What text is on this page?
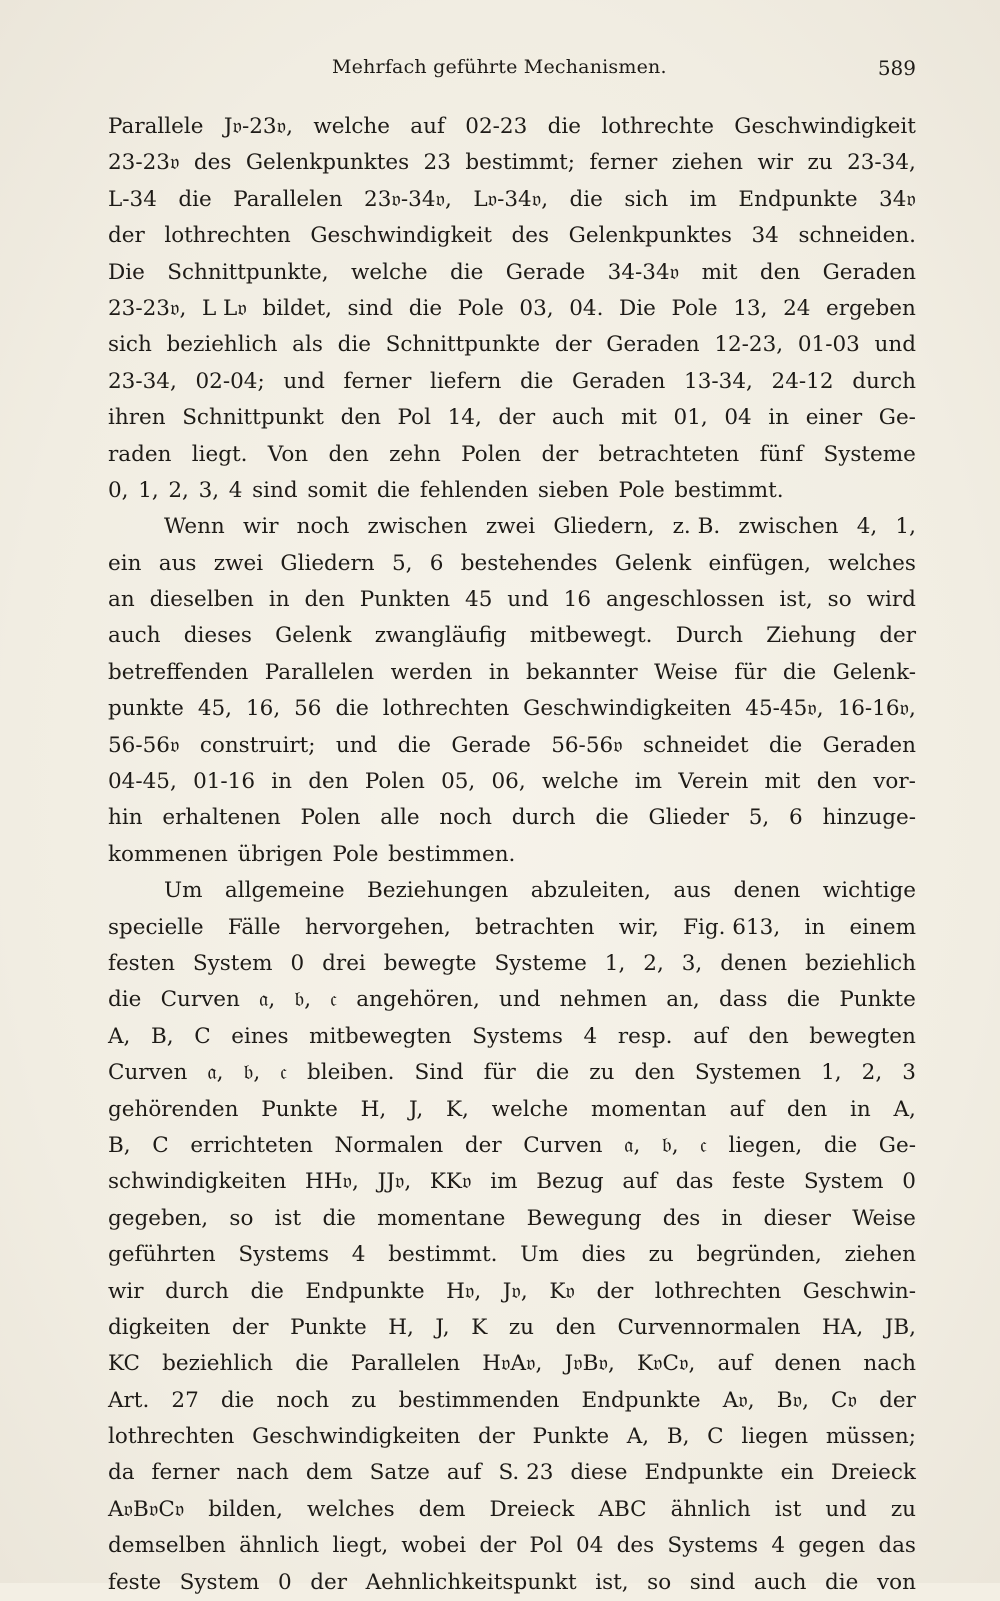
Mehrfach geführte Mechanismen.	589
Parallele J𝔳-23𝔳, welche auf 02-23 die lothrechte Geschwindigkeit
23-23𝔳 des Gelenkpunktes 23 bestimmt; ferner ziehen wir zu 23-34,
L-34 die Parallelen 23𝔳-34𝔳, L𝔳-34𝔳, die sich im Endpunkte 34𝔳
der lothrechten Geschwindigkeit des Gelenkpunktes 34 schneiden.
Die Schnittpunkte, welche die Gerade 34-34𝔳 mit den Geraden
23-23𝔳, L L𝔳 bildet, sind die Pole 03, 04. Die Pole 13, 24 ergeben
sich beziehlich als die Schnittpunkte der Geraden 12-23, 01-03 und
23-34, 02-04; und ferner liefern die Geraden 13-34, 24-12 durch
ihren Schnittpunkt den Pol 14, der auch mit 01, 04 in einer Ge-
raden liegt. Von den zehn Polen der betrachteten fünf Systeme
0, 1, 2, 3, 4 sind somit die fehlenden sieben Pole bestimmt.
Wenn wir noch zwischen zwei Gliedern, z. B. zwischen 4, 1,
ein aus zwei Gliedern 5, 6 bestehendes Gelenk einfügen, welches
an dieselben in den Punkten 45 und 16 angeschlossen ist, so wird
auch dieses Gelenk zwangläufig mitbewegt. Durch Ziehung der
betreffenden Parallelen werden in bekannter Weise für die Gelenk-
punkte 45, 16, 56 die lothrechten Geschwindigkeiten 45-45𝔳, 16-16𝔳,
56-56𝔳 construirt; und die Gerade 56-56𝔳 schneidet die Geraden
04-45, 01-16 in den Polen 05, 06, welche im Verein mit den vor-
hin erhaltenen Polen alle noch durch die Glieder 5, 6 hinzuge-
kommenen übrigen Pole bestimmen.
Um allgemeine Beziehungen abzuleiten, aus denen wichtige
specielle Fälle hervorgehen, betrachten wir, Fig. 613, in einem
festen System 0 drei bewegte Systeme 1, 2, 3, denen beziehlich
die Curven 𝔞, 𝔟, 𝔠 angehören, und nehmen an, dass die Punkte
A, B, C eines mitbewegten Systems 4 resp. auf den bewegten
Curven 𝔞, 𝔟, 𝔠 bleiben. Sind für die zu den Systemen 1, 2, 3
gehörenden Punkte H, J, K, welche momentan auf den in A,
B, C errichteten Normalen der Curven 𝔞, 𝔟, 𝔠 liegen, die Ge-
schwindigkeiten HH𝔳, JJ𝔳, KK𝔳 im Bezug auf das feste System 0
gegeben, so ist die momentane Bewegung des in dieser Weise
geführten Systems 4 bestimmt. Um dies zu begründen, ziehen
wir durch die Endpunkte H𝔳, J𝔳, K𝔳 der lothrechten Geschwin-
digkeiten der Punkte H, J, K zu den Curvennormalen HA, JB,
KC beziehlich die Parallelen H𝔳A𝔳, J𝔳B𝔳, K𝔳C𝔳, auf denen nach
Art. 27 die noch zu bestimmenden Endpunkte A𝔳, B𝔳, C𝔳 der
lothrechten Geschwindigkeiten der Punkte A, B, C liegen müssen;
da ferner nach dem Satze auf S. 23 diese Endpunkte ein Dreieck
A𝔳B𝔳C𝔳 bilden, welches dem Dreieck ABC ähnlich ist und zu
demselben ähnlich liegt, wobei der Pol 04 des Systems 4 gegen das
feste System 0 der Aehnlichkeitspunkt ist, so sind auch die von
